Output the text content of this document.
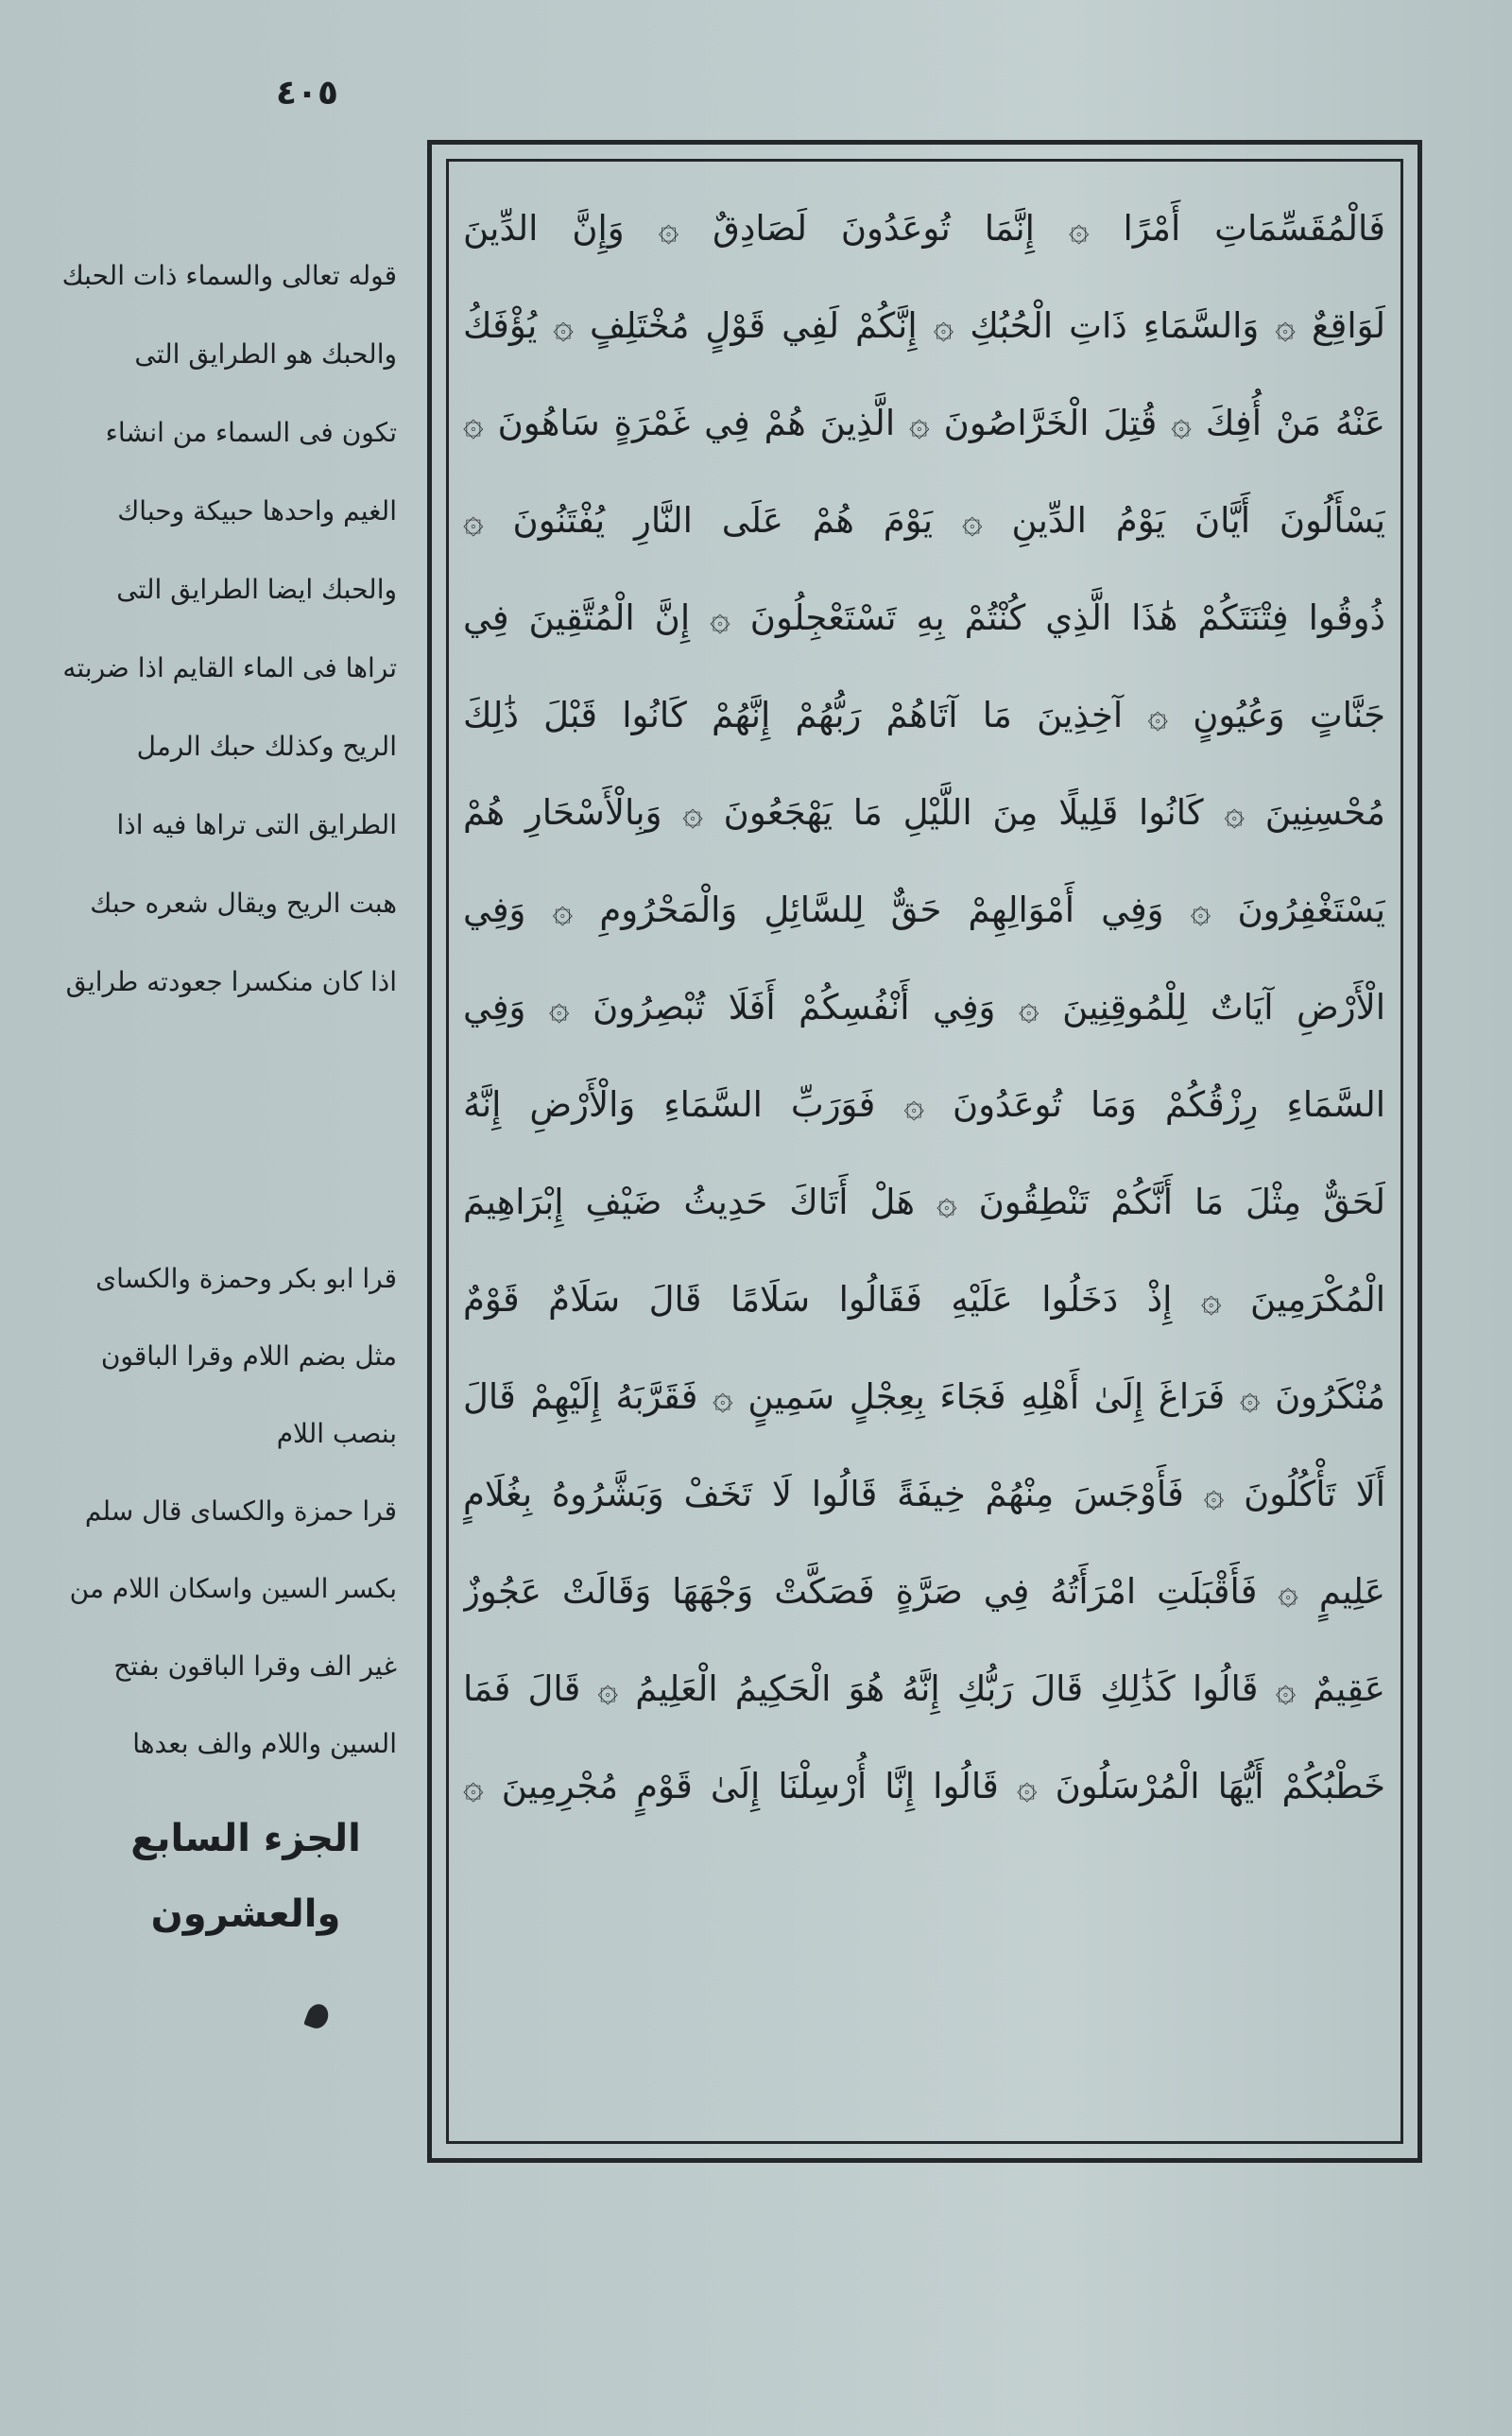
٤٠٥
قوله تعالى والسماء ذات الحبك
والحبك هو الطرايق التى
تكون فى السماء من انشاء
الغيم واحدها حبيكة وحباك
والحبك ايضا الطرايق التى
تراها فى الماء القايم اذا ضربته
الريح وكذلك حبك الرمل
الطرايق التى تراها فيه اذا
هبت الريح ويقال شعره حبك
اذا كان منكسرا جعودته طرايق
قرا ابو بكر وحمزة والكساى
مثل بضم اللام وقرا الباقون
بنصب اللام
قرا حمزة والكساى قال سلم
بكسر السين واسكان اللام من
غير الف وقرا الباقون بفتح
السين واللام والف بعدها
الجزء السابع
والعشرون
فَالْمُقَسِّمَاتِ أَمْرًا ۞ إِنَّمَا تُوعَدُونَ لَصَادِقٌ ۞ وَإِنَّ الدِّينَ
لَوَاقِعٌ ۞ وَالسَّمَاءِ ذَاتِ الْحُبُكِ ۞ إِنَّكُمْ لَفِي قَوْلٍ مُخْتَلِفٍ ۞ يُؤْفَكُ
عَنْهُ مَنْ أُفِكَ ۞ قُتِلَ الْخَرَّاصُونَ ۞ الَّذِينَ هُمْ فِي غَمْرَةٍ سَاهُونَ ۞
يَسْأَلُونَ أَيَّانَ يَوْمُ الدِّينِ ۞ يَوْمَ هُمْ عَلَى النَّارِ يُفْتَنُونَ ۞
ذُوقُوا فِتْنَتَكُمْ هَٰذَا الَّذِي كُنْتُمْ بِهِ تَسْتَعْجِلُونَ ۞ إِنَّ الْمُتَّقِينَ فِي
جَنَّاتٍ وَعُيُونٍ ۞ آخِذِينَ مَا آتَاهُمْ رَبُّهُمْ إِنَّهُمْ كَانُوا قَبْلَ ذَٰلِكَ
مُحْسِنِينَ ۞ كَانُوا قَلِيلًا مِنَ اللَّيْلِ مَا يَهْجَعُونَ ۞ وَبِالْأَسْحَارِ هُمْ
يَسْتَغْفِرُونَ ۞ وَفِي أَمْوَالِهِمْ حَقٌّ لِلسَّائِلِ وَالْمَحْرُومِ ۞ وَفِي
الْأَرْضِ آيَاتٌ لِلْمُوقِنِينَ ۞ وَفِي أَنْفُسِكُمْ أَفَلَا تُبْصِرُونَ ۞ وَفِي
السَّمَاءِ رِزْقُكُمْ وَمَا تُوعَدُونَ ۞ فَوَرَبِّ السَّمَاءِ وَالْأَرْضِ إِنَّهُ
لَحَقٌّ مِثْلَ مَا أَنَّكُمْ تَنْطِقُونَ ۞ هَلْ أَتَاكَ حَدِيثُ ضَيْفِ إِبْرَاهِيمَ
الْمُكْرَمِينَ ۞ إِذْ دَخَلُوا عَلَيْهِ فَقَالُوا سَلَامًا قَالَ سَلَامٌ قَوْمٌ
مُنْكَرُونَ ۞ فَرَاغَ إِلَىٰ أَهْلِهِ فَجَاءَ بِعِجْلٍ سَمِينٍ ۞ فَقَرَّبَهُ إِلَيْهِمْ قَالَ
أَلَا تَأْكُلُونَ ۞ فَأَوْجَسَ مِنْهُمْ خِيفَةً قَالُوا لَا تَخَفْ وَبَشَّرُوهُ بِغُلَامٍ
عَلِيمٍ ۞ فَأَقْبَلَتِ امْرَأَتُهُ فِي صَرَّةٍ فَصَكَّتْ وَجْهَهَا وَقَالَتْ عَجُوزٌ
عَقِيمٌ ۞ قَالُوا كَذَٰلِكِ قَالَ رَبُّكِ إِنَّهُ هُوَ الْحَكِيمُ الْعَلِيمُ ۞ قَالَ فَمَا
خَطْبُكُمْ أَيُّهَا الْمُرْسَلُونَ ۞ قَالُوا إِنَّا أُرْسِلْنَا إِلَىٰ قَوْمٍ مُجْرِمِينَ ۞
